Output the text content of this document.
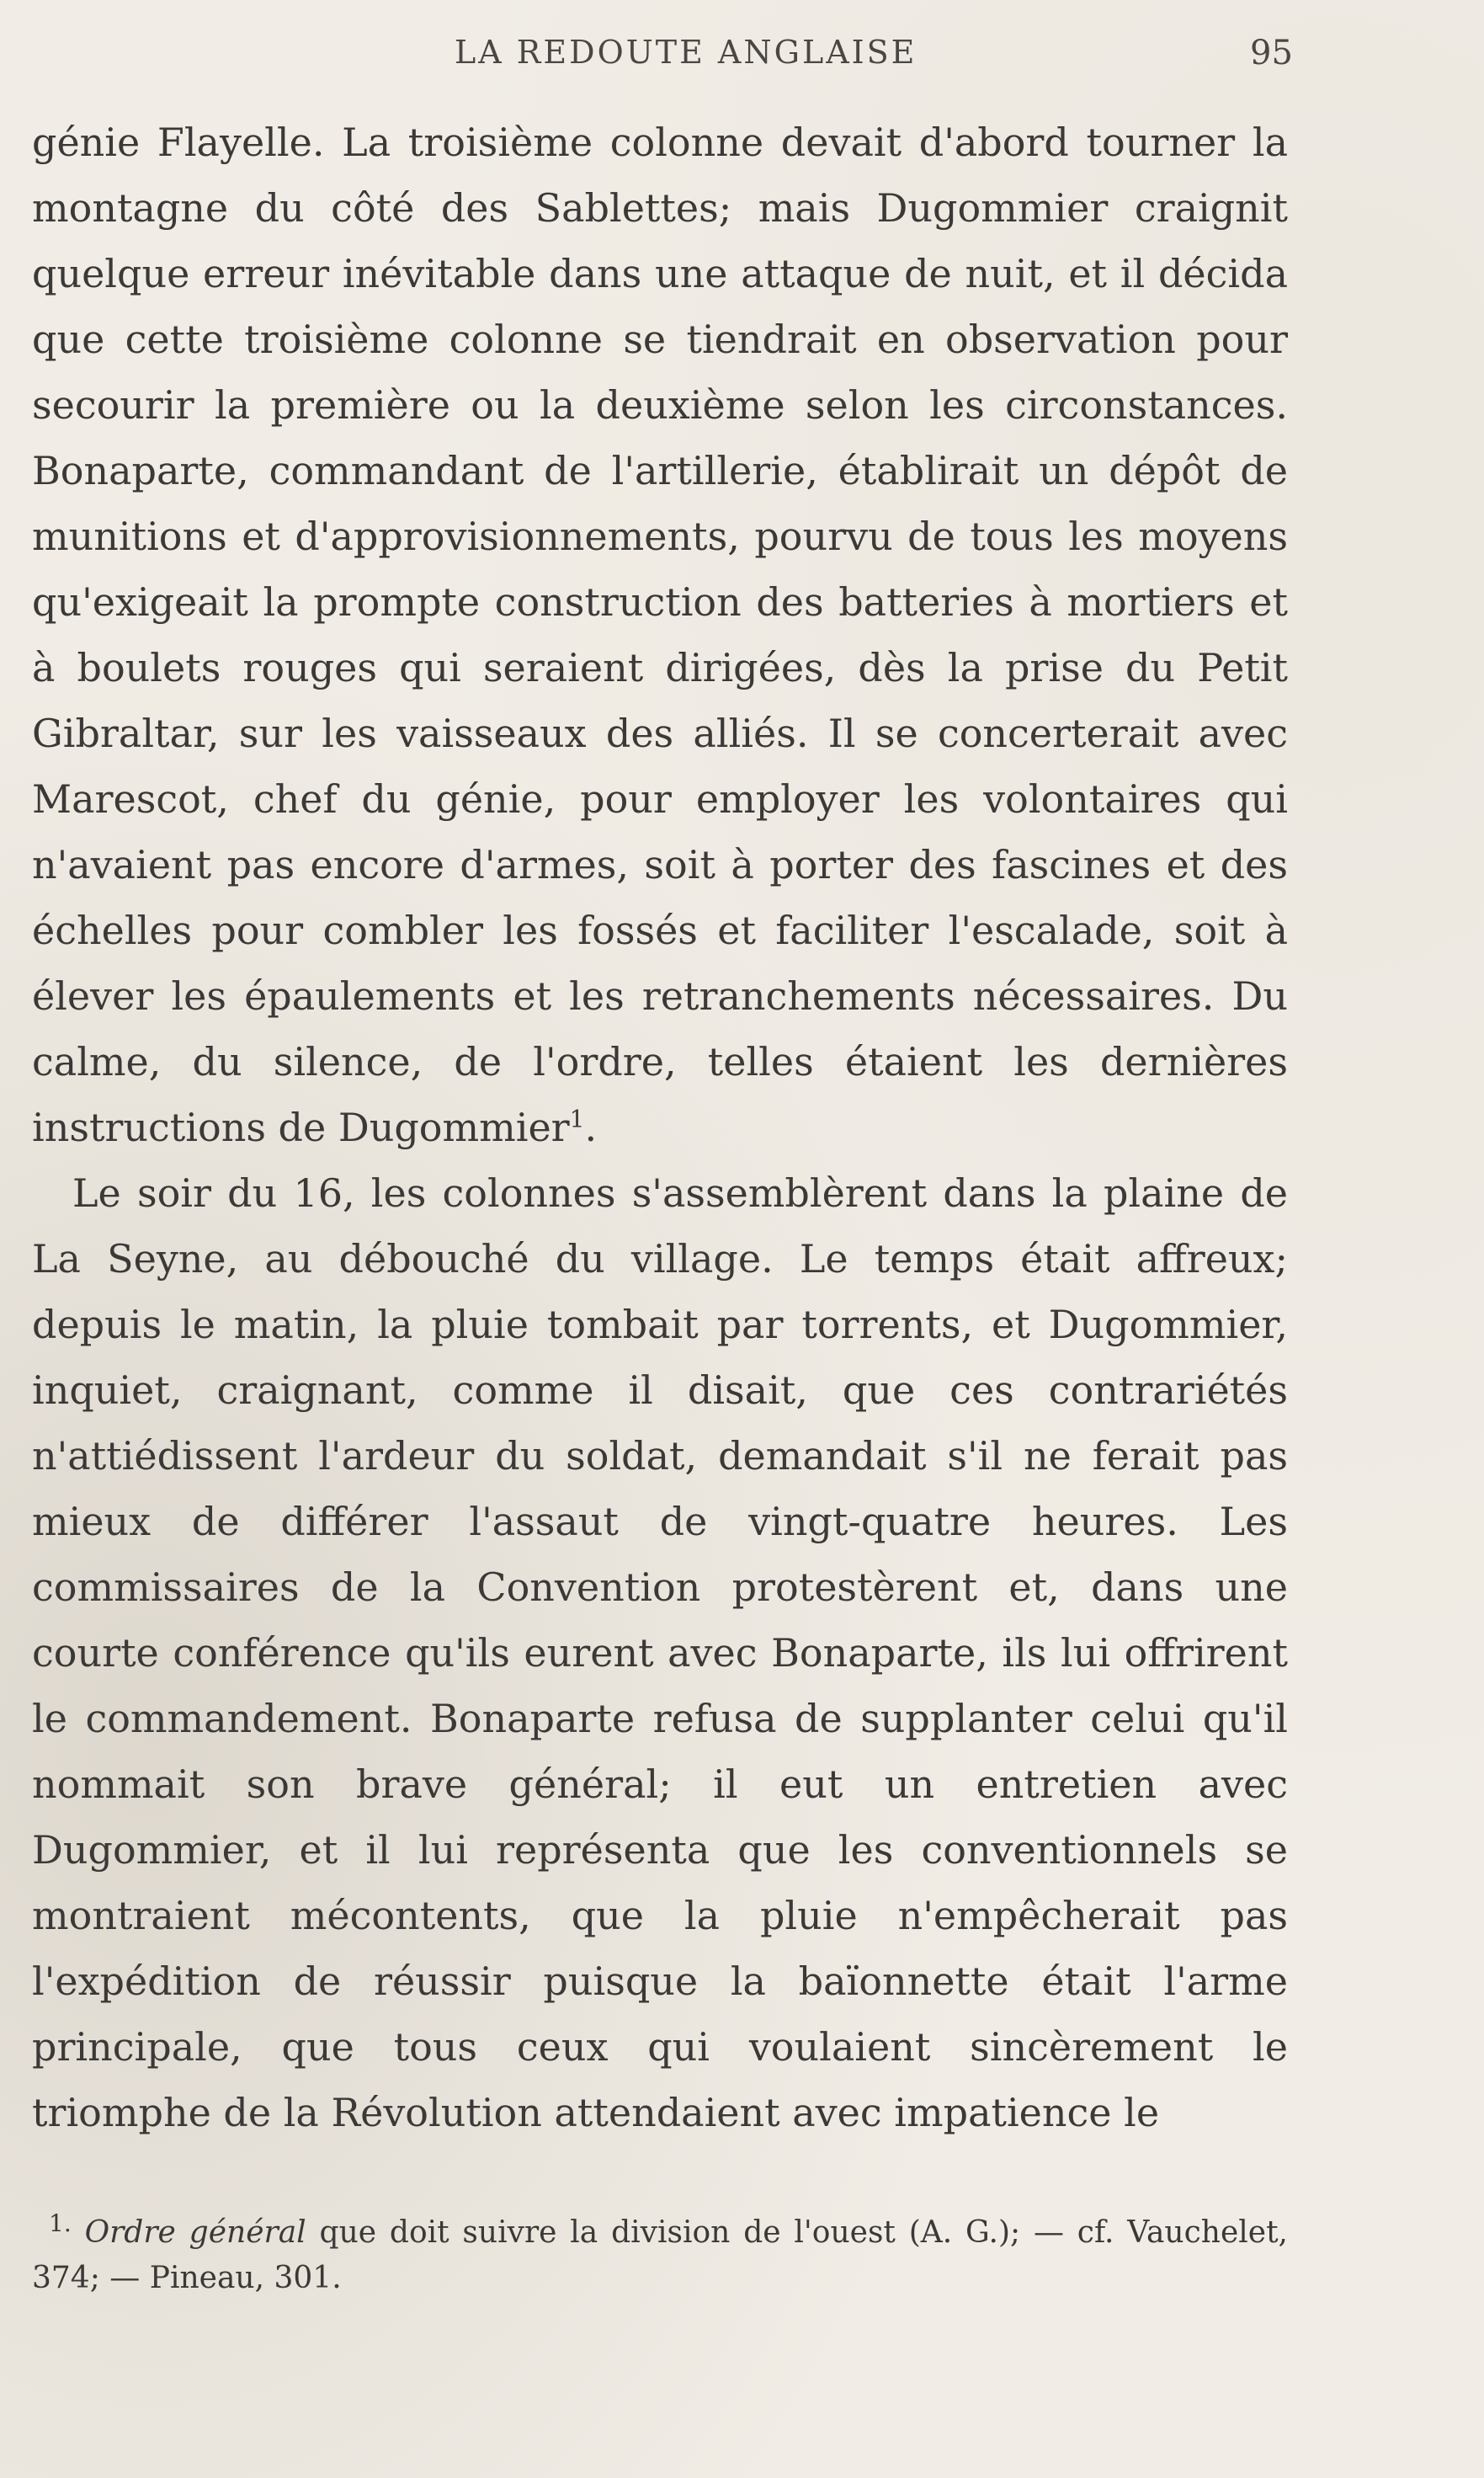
LA REDOUTE ANGLAISE	95

génie Flayelle. La troisième colonne devait d'abord tourner la montagne du côté des Sablettes; mais Dugommier craignit quelque erreur inévitable dans une attaque de nuit, et il décida que cette troisième colonne se tiendrait en observation pour secourir la première ou la deuxième selon les circonstances. Bonaparte, commandant de l'artillerie, établirait un dépôt de munitions et d'approvisionnements, pourvu de tous les moyens qu'exigeait la prompte construction des batteries à mortiers et à boulets rouges qui seraient dirigées, dès la prise du Petit Gibraltar, sur les vaisseaux des alliés. Il se concerterait avec Marescot, chef du génie, pour employer les volontaires qui n'avaient pas encore d'armes, soit à porter des fascines et des échelles pour combler les fossés et faciliter l'escalade, soit à élever les épaulements et les retranchements nécessaires. Du calme, du silence, de l'ordre, telles étaient les dernières instructions de Dugommier$^1$.

Le soir du 16, les colonnes s'assemblèrent dans la plaine de La Seyne, au débouché du village. Le temps était affreux; depuis le matin, la pluie tombait par torrents, et Dugommier, inquiet, craignant, comme il disait, que ces contrariétés n'attiédissent l'ardeur du soldat, demandait s'il ne ferait pas mieux de différer l'assaut de vingt-quatre heures. Les commissaires de la Convention protestèrent et, dans une courte conférence qu'ils eurent avec Bonaparte, ils lui offrirent le commandement. Bonaparte refusa de supplanter celui qu'il nommait son brave général; il eut un entretien avec Dugommier, et il lui représenta que les conventionnels se montraient mécontents, que la pluie n'empêcherait pas l'expédition de réussir puisque la baïonnette était l'arme principale, que tous ceux qui voulaient sincèrement le triomphe de la Révolution attendaient avec impatience le

$^{1.}$ Ordre général que doit suivre la division de l'ouest (A. G.); — cf. Vauchelet, 374; — Pineau, 301.
